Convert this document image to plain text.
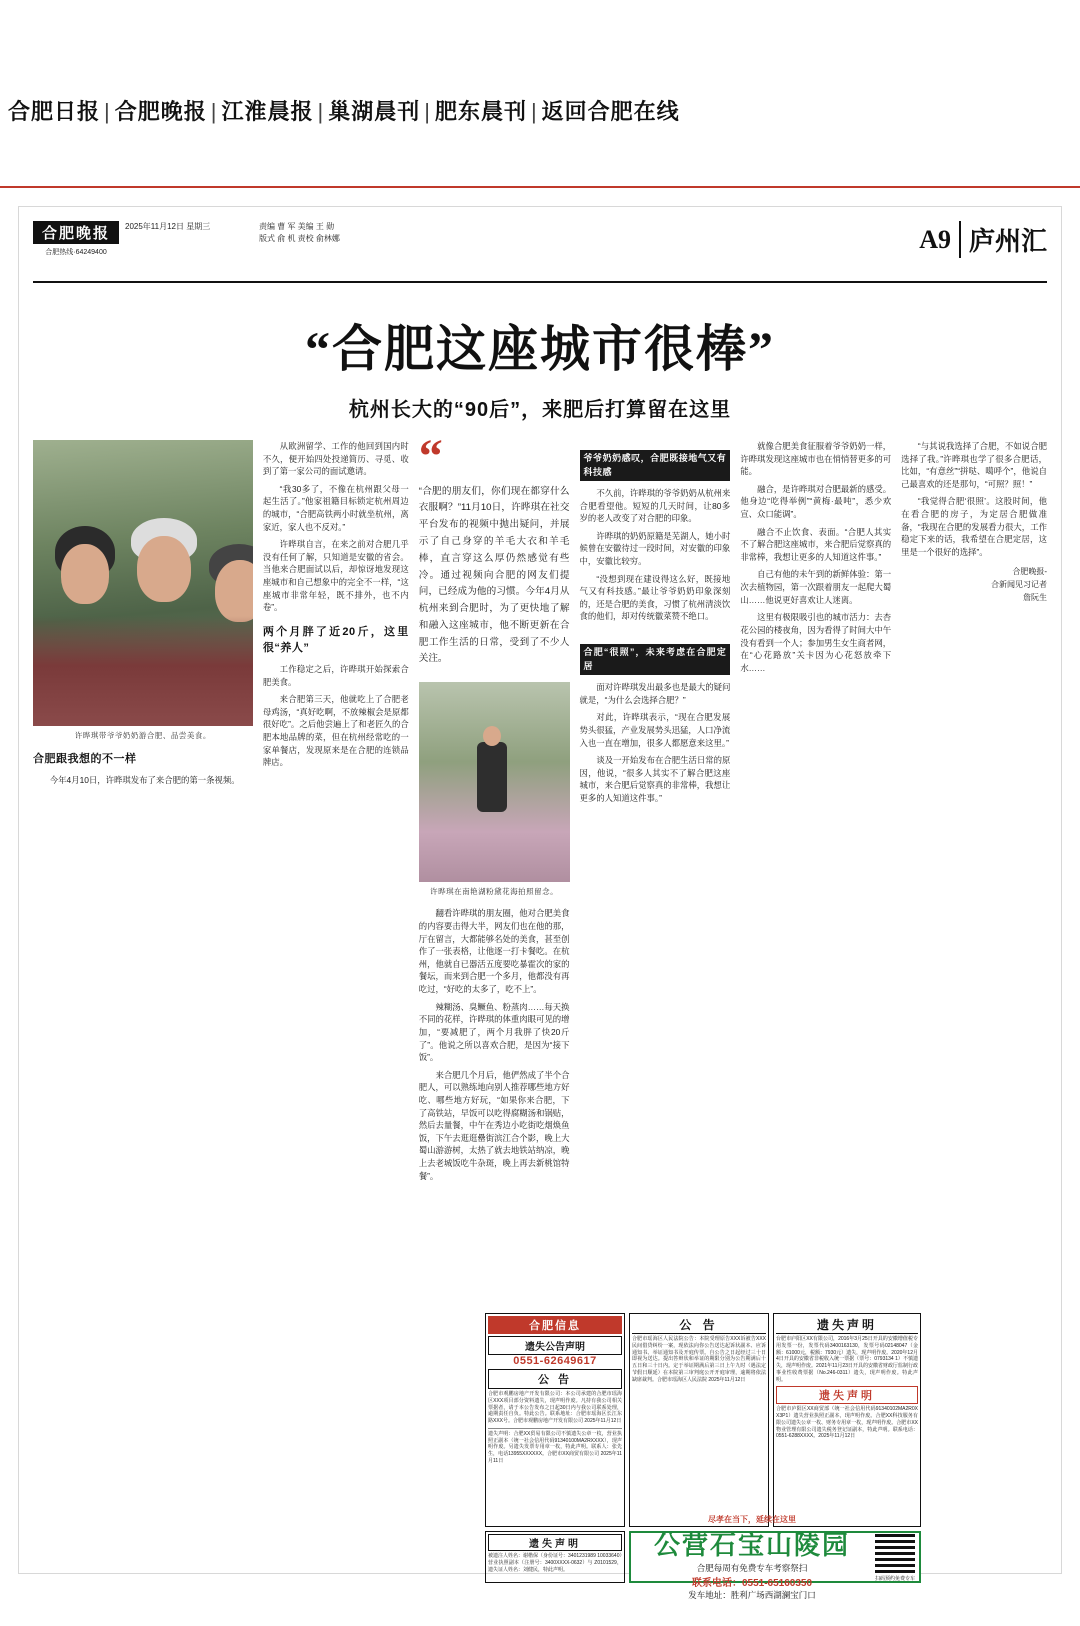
合肥日报 | 合肥晚报 | 江淮晨报 | 巢湖晨刊 | 肥东晨刊 | 返回合肥在线
合肥晚报
合肥热线·64249400
2025年11月12日 星期三	责编 曹 军 美编 王 勋
版式 俞 机 责校 俞林娜	A9 庐州汇
“合肥这座城市很棒”
杭州长大的“90后”，来肥后打算留在这里
许晔琪带爷爷奶奶游合肥、品尝美食。
合肥跟我想的不一样

今年4月10日，许晔琪发布了来合肥的第一条视频。

从欧洲留学、工作的他回到国内时不久，便开始四处投递简历、寻觅、收到了第一家公司的面试邀请。

“我30多了，不像在杭州跟父母一起生活了。”他家祖籍目标锁定杭州周边的城市，“合肥高铁两小时就坐杭州，离家近，家人也不反对。”

许晔琪自言，在来之前对合肥几乎没有任何了解，只知道是安徽的省会。当他来合肥面试以后，却惊讶地发现这座城市和自己想象中的完全不一样，“这座城市非常年轻，既不排外，也不内卷”。

两个月胖了近20斤，这里很“养人”

工作稳定之后，许晔琪开始探索合肥美食。

来合肥第三天，他就吃上了合肥老母鸡汤，“真好吃啊，不放辣椒会是原都很好吃”。之后他尝遍上了和老匠久的合肥本地品牌的菜，但在杭州经常吃的一家单餐店，发现原来是在合肥的连锁品牌店。

“
“合肥的朋友们，你们现在都穿什么衣服啊？”11月10日，许晔琪在社交平台发布的视频中抛出疑问，并展示了自己身穿的羊毛大衣和羊毛棒，直言穿这么厚仍然感觉有些冷。通过视频向合肥的网友们提问，已经成为他的习惯。今年4月从杭州来到合肥时，为了更快地了解和融入这座城市，他不断更新在合肥工作生活的日常，受到了不少人关注。
许晔琪在南艳湖粉黛花海拍照留念。

翻看许晔琪的朋友圈，他对合肥美食的内容要击得大半，网友们也在他的那，厅在留言，大都能够名处的美食，甚至创作了一张表格，让他逐一打卡餐吃。在杭州，他就自已器活五度要吃暴霍次的家的餐坛，而来到合肥一个多月，他都没有再吃过，“好吃的太多了，吃不上”。

辣糊汤、臭鳜鱼、粉蒸肉……每天换不同的花样，许晔琪的体重肉眼可见的增加，“要减肥了，两个月我胖了快20斤了”。他说之所以喜欢合肥，是因为“接下饭”。

来合肥几个月后，他俨然成了半个合肥人，可以熟练地向别人推荐哪些地方好吃、哪些地方好玩，“如果你来合肥，下了高铁站，早饭可以吃得腐糊汤和锅贴，然后去量餐，中午在秀边小吃街吃烟焕鱼饭，下午去逛逛罍街滨江合个影，晚上大蜀山游游树，太热了就去地铁站纳凉，晚上去老城饭吃牛杂斑，晚上再去新桃馆特餐”。

爷爷奶奶感叹，合肥既接地气又有科技感

不久前，许晔琪的爷爷奶奶从杭州来合肥看望他。短短的几天时间，让80多岁的老人改变了对合肥的印象。

许晔琪的奶奶原籍是芜湖人，她小时候曾在安徽待过一段时间，对安徽的印象中，安徽比较穷。

“没想到现在建设得这么好，既接地气又有科技感。”最让爷爷奶奶印象深刻的，还是合肥的美食，习惯了杭州清淡饮食的他们，却对传统徽菜赞不绝口。

合肥“很照”，未来考虑在合肥定居

面对许晔琪发出最多也是最大的疑问就是，“为什么会选择合肥？”

对此，许晔琪表示，“现在合肥发展势头很猛，产业发展势头迅猛，人口净流入也一直在增加，很多人都愿意来这里。”

谈及一开始发布在合肥生活日常的原因，他说，“很多人其实不了解合肥这座城市，来合肥后觉察真的非常棒，我想让更多的人知道这件事。”

就像合肥美食征服着爷爷奶奶一样，许晔琪发现这座城市也在悄悄替更多的可能。

融合，是许晔琪对合肥最新的感受。他身边“吃得举例”“黄梅·最吨”，悉少欢宣、众口能调”。

融合不止饮食、表面。“合肥人其实不了解合肥这座城市，来合肥后觉察真的非常棒，我想让更多的人知道这件事。”

自己有他的未午到的新鲜体验：第一次去植物园，第一次跟着朋友一起爬大蜀山……他说更好喜欢让人迷离。

这里有极限吸引也的城市活力：去杏花公园的楼夜角，因为看得了时间大中午没有看到一个人；参加男生女生商者网，在“心花路放”关卡因为心花怒放牵下水……

“与其说我选择了合肥，不如说合肥选择了我。”许晔琪也学了很多合肥话，比如，“有意丝”“拼哒、噶呼个”，他说自己最喜欢的还是那句，“可照？照！”

“我觉得合肥‘很照’。这股时间，他在看合肥的房子，为定居合肥做准备，“我现在合肥的发展看力很大，工作稳定下来的话，我希望在合肥定居，这里是一个很好的选择”。

合肥晚报-
合新闻见习记者
詹阮生
合肥信息
遗失公告声明
0551-62649617
公 告
合肥市观鹏房地产开发有限公司：本公司承建的合肥市瑶海区XXX项目部分资料遗失，现声明作废。凡持有我公司相关票据者，请于本公告发布之日起30日内与我公司联系处理，逾期责任自负。特此公告。联系地址：合肥市瑶海区长江东路XXX号。合肥市观鹏房地产开发有限公司 2025年11月12日
遗失声明：合肥XX贸易有限公司不慎遗失公章一枚，营业执照正副本（统一社会信用代码91340100MA2RXXXX），现声明作废。另遗失发票专用章一枚，特此声明。联系人：张先生，电话13955XXXXXX。合肥市XX商贸有限公司 2025年11月11日
公 告
合肥市瑶海区人民法院公告：本院受理原告XXX诉被告XXX民间借贷纠纷一案，现依法向你公告送达起诉状副本、应诉通知书、举证通知书及开庭传票。自公告之日起经过三十日即视为送达。提出答辩状和举证的期限分别为公告期满后十五日和三十日内。定于举证期满后第三日上午九时（遇法定节假日顺延）在本院第三审判庭公开开庭审理，逾期将依法缺席裁判。合肥市瑶海区人民法院 2025年11月12日
遗失声明
台肥市庐阳区XX有限公司，2016年3月25日开具的安徽增值税专用发票一份，发票代码3400163130，发票号码02148047（金额：61000元，税额：7930元）遗失，现声明作废。2020年12月4日开具的安徽省非税收入统一票据（票号：0793134 1）不慎遗失，现声明作废。2021年11月23日开具的安徽省财政厅监制行政事业性收费票据（No.246-0311）遗失，现声明作废。特此声明。
遗失声明
合肥市庐阳区XX商贸部（统一社会信用代码91340102MA2R0XX3P1）遗失营业执照正副本，现声明作废。合肥XX科技服务有限公司遗失公章一枚、财务专用章一枚，现声明作废。合肥市XX物业管理有限公司遗失税务登记证副本，特此声明。联系电话：0551-6288XXXX。2025年11月12日
遗失声明
被遗注人姓名：谢楷保（身份证号：3401231989 10033640）营业执照副本（注册号：3400XXXX-0632）与 Z0101529，遗失证人姓名：刘健民，特此声明。
尽孝在当下，延续在这里
公营石宝山陵园
合肥每周有免费专车考察祭扫
联系电话：0551-65160350
发车地址：胜利广场西湖澜宝门口
扫码预约免费专车
